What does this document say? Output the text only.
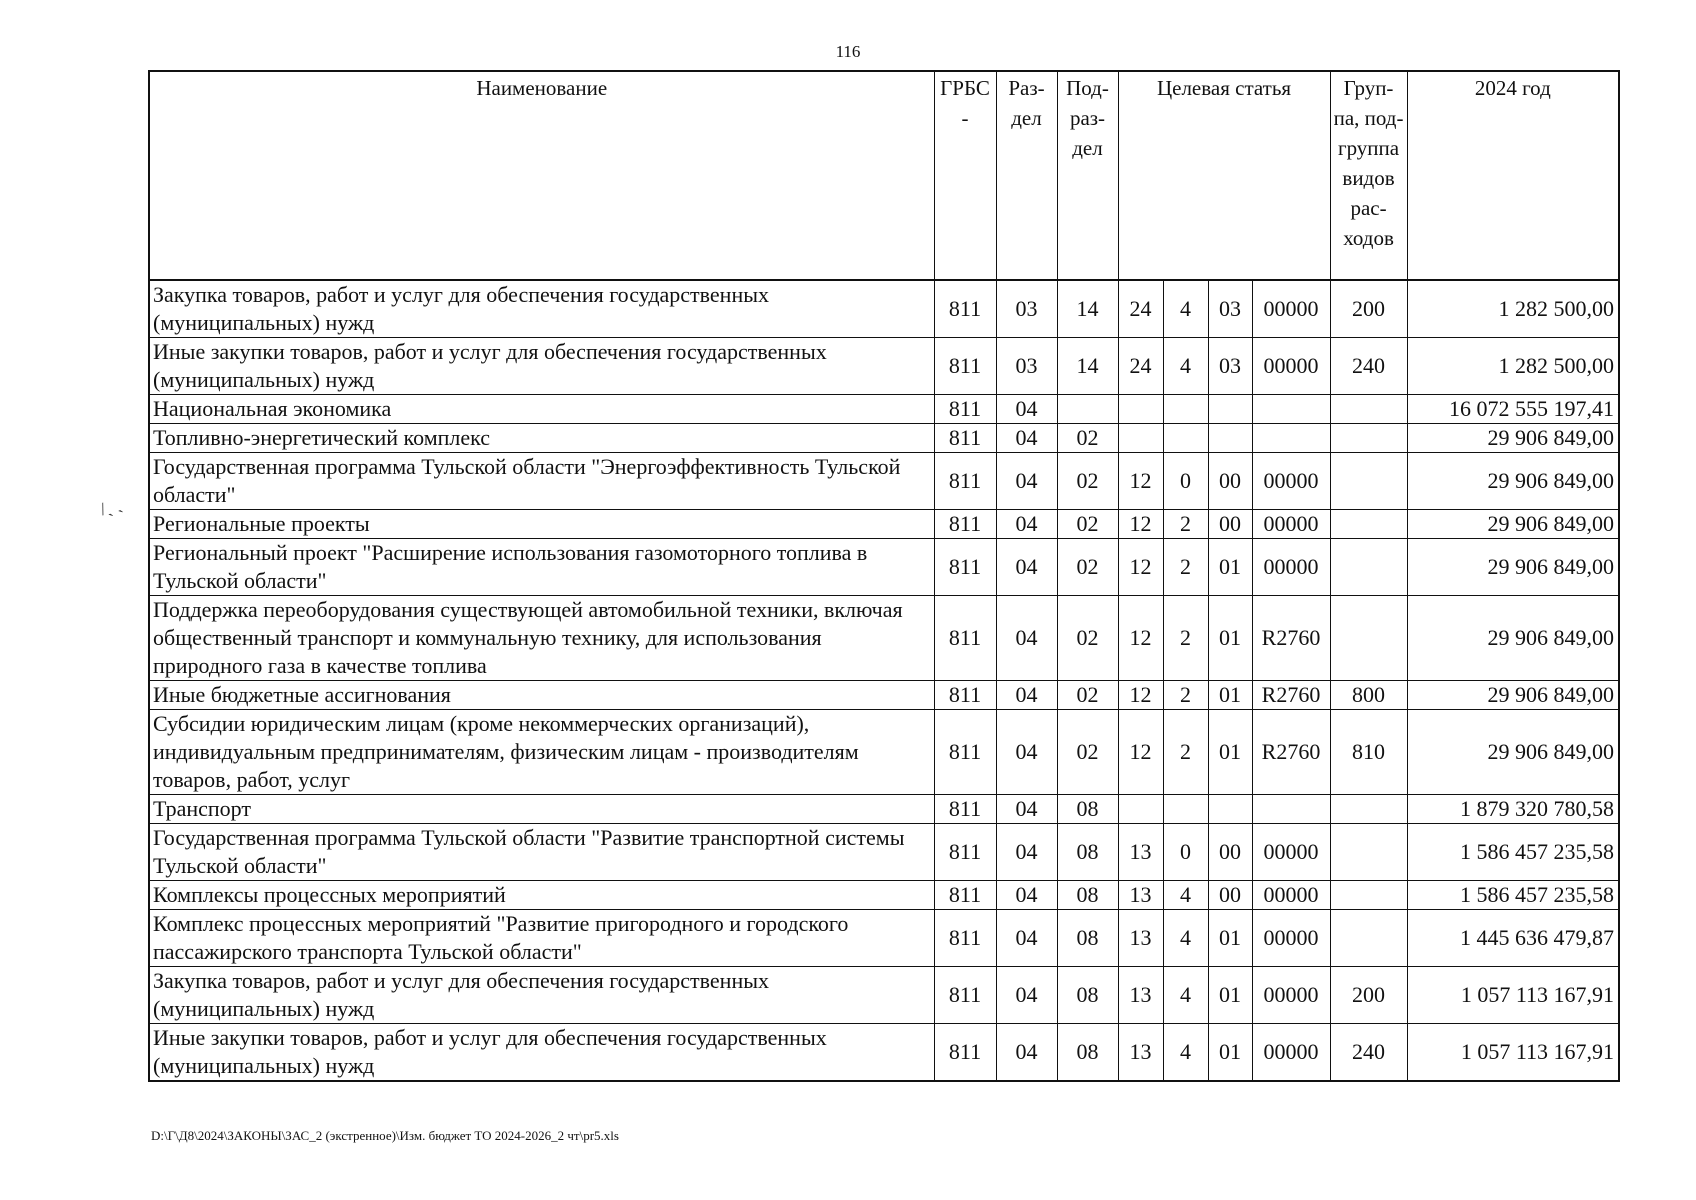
116
/ˏ ˏ
Наименование	ГРБС -	Раз-дел	Под-раз-дел	Целевая статья				Груп-па, под-группа видов рас-ходов	2024 год
Закупка товаров, работ и услуг для обеспечения государственных (муниципальных) нужд	811	03	14	24	4	03	00000	200	1 282 500,00
Иные закупки товаров, работ и услуг для обеспечения государственных (муниципальных) нужд	811	03	14	24	4	03	00000	240	1 282 500,00
Национальная экономика	811	04							16 072 555 197,41
Топливно-энергетический комплекс	811	04	02						29 906 849,00
Государственная программа Тульской области "Энергоэффективность Тульской области"	811	04	02	12	0	00	00000		29 906 849,00
Региональные проекты	811	04	02	12	2	00	00000		29 906 849,00
Региональный проект "Расширение использования газомоторного топлива в Тульской области"	811	04	02	12	2	01	00000		29 906 849,00
Поддержка переоборудования существующей автомобильной техники, включая общественный транспорт и коммунальную технику, для использования природного газа в качестве топлива	811	04	02	12	2	01	R2760		29 906 849,00
Иные бюджетные ассигнования	811	04	02	12	2	01	R2760	800	29 906 849,00
Субсидии юридическим лицам (кроме некоммерческих организаций), индивидуальным предпринимателям, физическим лицам - производителям товаров, работ, услуг	811	04	02	12	2	01	R2760	810	29 906 849,00
Транспорт	811	04	08						1 879 320 780,58
Государственная программа Тульской области "Развитие транспортной системы Тульской области"	811	04	08	13	0	00	00000		1 586 457 235,58
Комплексы процессных мероприятий	811	04	08	13	4	00	00000		1 586 457 235,58
Комплекс процессных мероприятий "Развитие пригородного и городского пассажирского транспорта Тульской области"	811	04	08	13	4	01	00000		1 445 636 479,87
Закупка товаров, работ и услуг для обеспечения государственных (муниципальных) нужд	811	04	08	13	4	01	00000	200	1 057 113 167,91
Иные закупки товаров, работ и услуг для обеспечения государственных (муниципальных) нужд	811	04	08	13	4	01	00000	240	1 057 113 167,91
D:\Г\Д8\2024\ЗАКОНЫ\ЗАС_2 (экстренное)\Изм. бюджет ТО 2024-2026_2 чт\pr5.xls
